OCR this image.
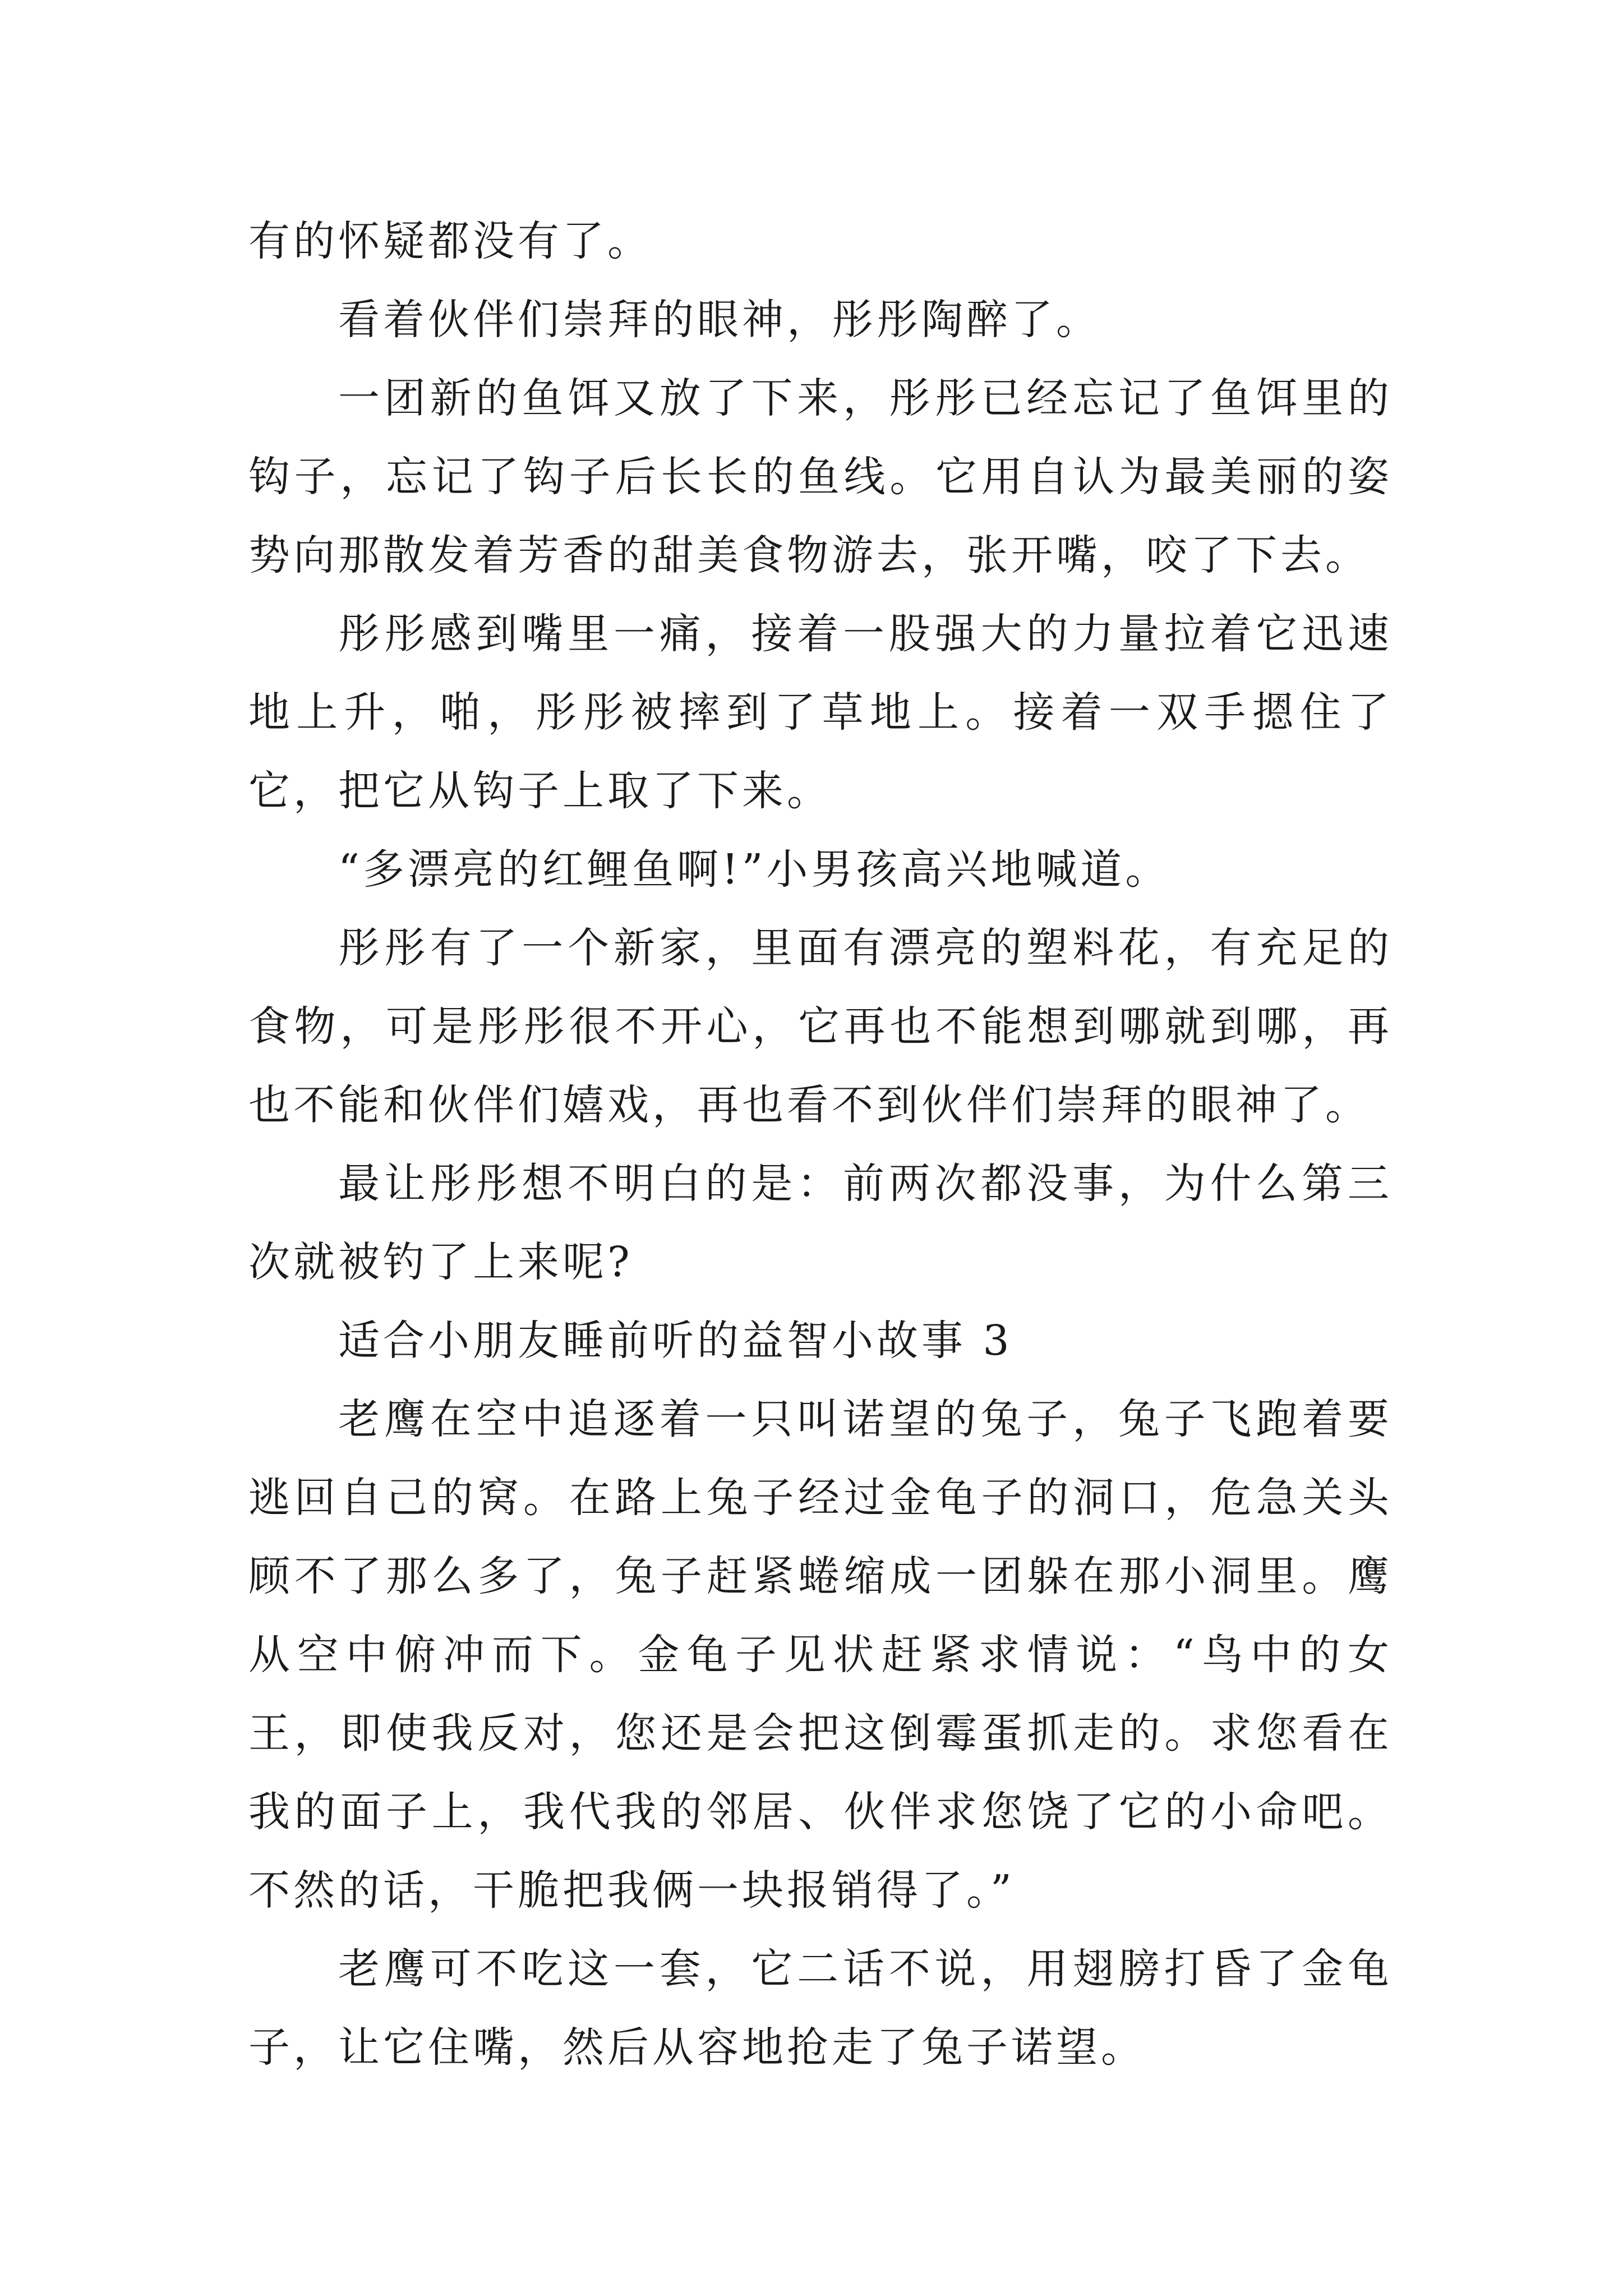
有的怀疑都没有了。

看着伙伴们崇拜的眼神，彤彤陶醉了。

一团新的鱼饵又放了下来，彤彤已经忘记了鱼饵里的钩子，忘记了钩子后长长的鱼线。它用自认为最美丽的姿势向那散发着芳香的甜美食物游去，张开嘴，咬了下去。

彤彤感到嘴里一痛，接着一股强大的力量拉着它迅速地上升，啪，彤彤被摔到了草地上。接着一双手摁住了它，把它从钩子上取了下来。

“多漂亮的红鲤鱼啊!”小男孩高兴地喊道。

彤彤有了一个新家，里面有漂亮的塑料花，有充足的食物，可是彤彤很不开心，它再也不能想到哪就到哪，再也不能和伙伴们嬉戏，再也看不到伙伴们崇拜的眼神了。

最让彤彤想不明白的是：前两次都没事，为什么第三次就被钓了上来呢?

适合小朋友睡前听的益智小故事 3

老鹰在空中追逐着一只叫诺望的兔子，兔子飞跑着要逃回自己的窝。在路上兔子经过金龟子的洞口，危急关头顾不了那么多了，兔子赶紧蜷缩成一团躲在那小洞里。鹰从空中俯冲而下。金龟子见状赶紧求情说：“鸟中的女王，即使我反对，您还是会把这倒霉蛋抓走的。求您看在我的面子上，我代我的邻居、伙伴求您饶了它的小命吧。不然的话，干脆把我俩一块报销得了。”

老鹰可不吃这一套，它二话不说，用翅膀打昏了金龟子，让它住嘴，然后从容地抢走了兔子诺望。
